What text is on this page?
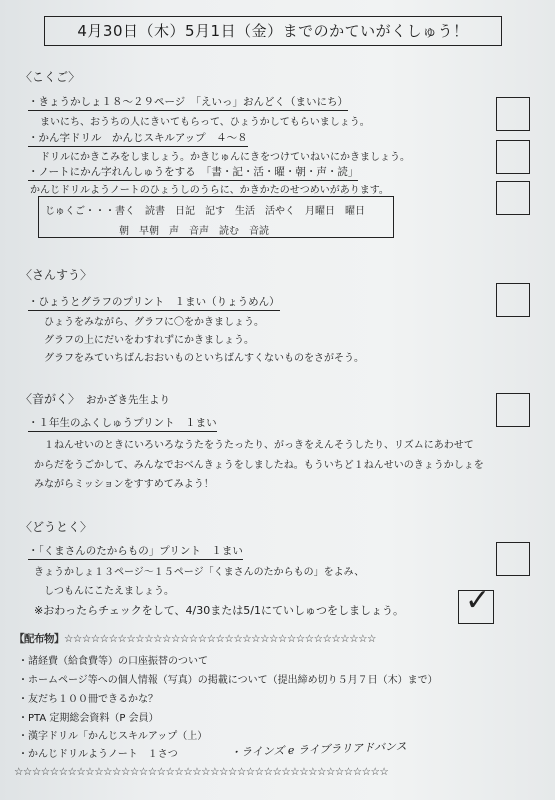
4月30日（木）5月1日（金）までのかていがくしゅう！
〈こくご〉
・きょうかしょ１８～２９ページ　「えいっ」おんどく（まいにち）
まいにち、おうちの人にきいてもらって、ひょうかしてもらいましょう。
・かん字ドリル　かんじスキルアップ　４～８
ドリルにかきこみをしましょう。かきじゅんにきをつけていねいにかきましょう。
・ノートにかん字れんしゅうをする　「書・記・活・曜・朝・声・読」
かんじドリルようノートのひょうしのうらに、かきかたのせつめいがあります。
じゅくご・・・書く　読書　日記　記す　生活　活やく　月曜日　曜日
朝　早朝　声　音声　読む　音読
〈さんすう〉
・ひょうとグラフのプリント　１まい（りょうめん）
ひょうをみながら、グラフに〇をかきましょう。
グラフの上にだいをわすれずにかきましょう。
グラフをみていちばんおおいものといちばんすくないものをさがそう。
〈音がく〉 おかざき先生より
・１年生のふくしゅうプリント　１まい
１ねんせいのときにいろいろなうたをうたったり、がっきをえんそうしたり、リズムにあわせて
からだをうごかして、みんなでおべんきょうをしましたね。もういちど１ねんせいのきょうかしょを
みながらミッションをすすめてみよう！
〈どうとく〉
・「くまさんのたからもの」プリント　１まい
きょうかしょ１３ページ～１５ページ「くまさんのたからもの」をよみ、
しつもんにこたえましょう。
※おわったらチェックをして、4/30または5/1にていしゅつをしましょう。 ✓
【配布物】☆☆☆☆☆☆☆☆☆☆☆☆☆☆☆☆☆☆☆☆☆☆☆☆☆☆☆☆☆☆☆☆☆☆☆
・諸経費（給食費等）の口座振替のついて
・ホームページ等への個人情報（写真）の掲載について（提出締め切り５月７日（木）まで）
・友だち１００冊できるかな？
・PTA 定期総会資料（P 会員）
・漢字ドリル「かんじスキルアップ（上）
・かんじドリルようノート　１さつ	・ラインズ e ライブラリアドバンス
☆☆☆☆☆☆☆☆☆☆☆☆☆☆☆☆☆☆☆☆☆☆☆☆☆☆☆☆☆☆☆☆☆☆☆☆☆☆☆☆☆☆
